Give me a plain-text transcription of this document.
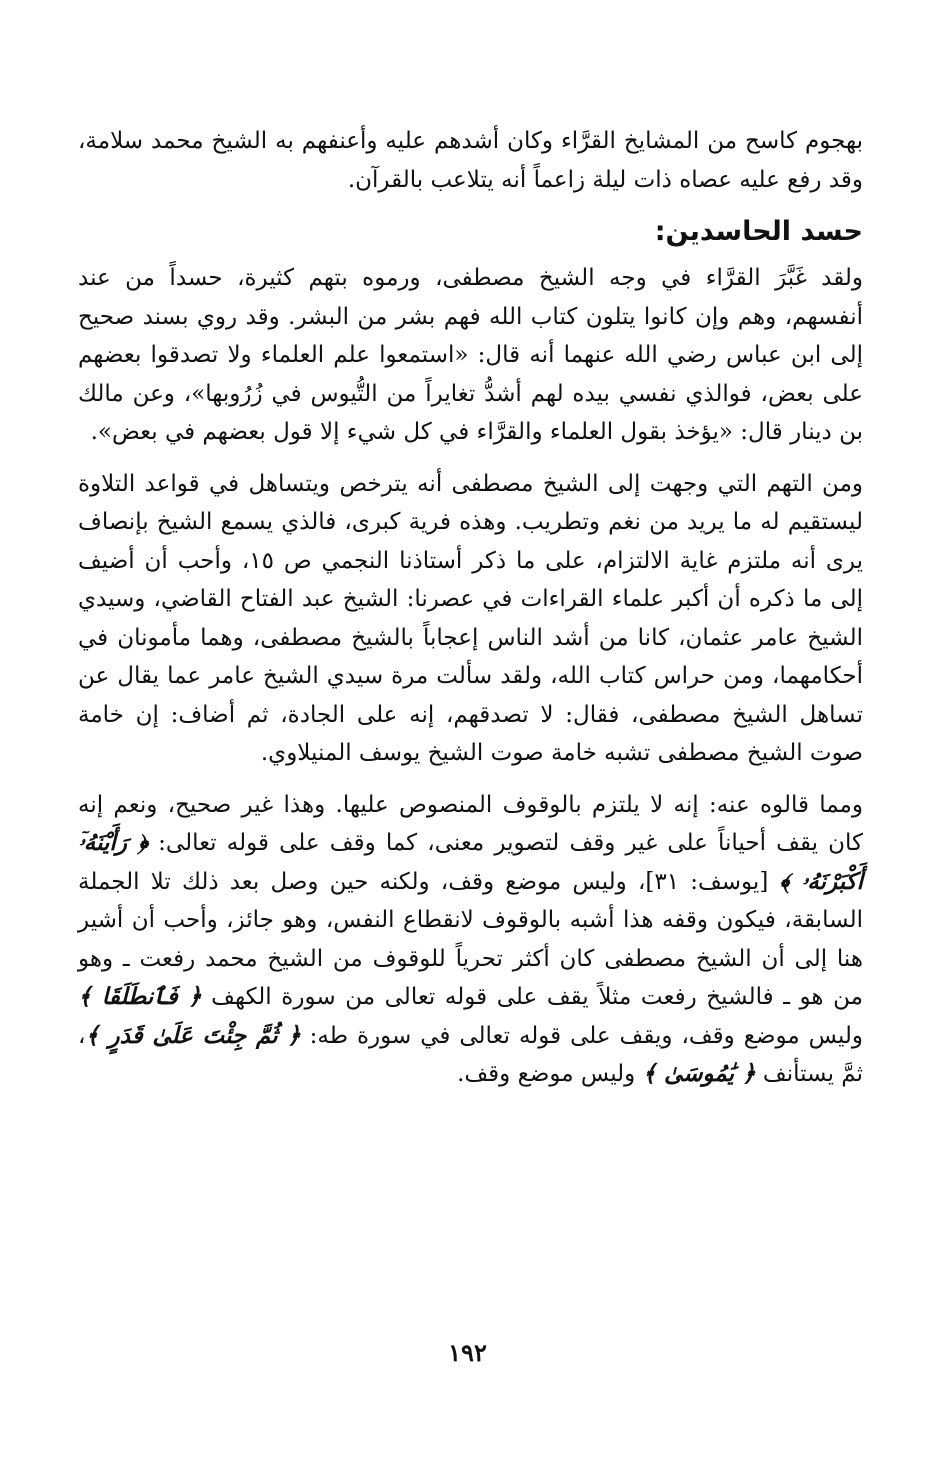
بهجوم كاسح من المشايخ القرَّاء وكان أشدهم عليه وأعنفهم به الشيخ محمد سلامة، وقد رفع عليه عصاه ذات ليلة زاعماً أنه يتلاعب بالقرآن.

حسد الحاسدين:

ولقد غَبَّرَ القرَّاء في وجه الشيخ مصطفى، ورموه بتهم كثيرة، حسداً من عند أنفسهم، وهم وإن كانوا يتلون كتاب الله فهم بشر من البشر. وقد روي بسند صحيح إلى ابن عباس رضي الله عنهما أنه قال: «استمعوا علم العلماء ولا تصدقوا بعضهم على بعض، فوالذي نفسي بيده لهم أشدُّ تغايراً من التُّيوس في زُرُوبها»، وعن مالك بن دينار قال: «يؤخذ بقول العلماء والقرَّاء في كل شيء إلا قول بعضهم في بعض».

ومن التهم التي وجهت إلى الشيخ مصطفى أنه يترخص ويتساهل في قواعد التلاوة ليستقيم له ما يريد من نغم وتطريب. وهذه فرية كبرى، فالذي يسمع الشيخ بإنصاف يرى أنه ملتزم غاية الالتزام، على ما ذكر أستاذنا النجمي ص ١٥، وأحب أن أضيف إلى ما ذكره أن أكبر علماء القراءات في عصرنا: الشيخ عبد الفتاح القاضي، وسيدي الشيخ عامر عثمان، كانا من أشد الناس إعجاباً بالشيخ مصطفى، وهما مأمونان في أحكامهما، ومن حراس كتاب الله، ولقد سألت مرة سيدي الشيخ عامر عما يقال عن تساهل الشيخ مصطفى، فقال: لا تصدقهم، إنه على الجادة، ثم أضاف: إن خامة صوت الشيخ مصطفى تشبه خامة صوت الشيخ يوسف المنيلاوي.

ومما قالوه عنه: إنه لا يلتزم بالوقوف المنصوص عليها. وهذا غير صحيح، ونعم إنه كان يقف أحياناً على غير وقف لتصوير معنى، كما وقف على قوله تعالى: ﴿ رَأَيْنَهُۥٓ أَكْبَرْنَهُۥ ﴾ [يوسف: ٣١]، وليس موضع وقف، ولكنه حين وصل بعد ذلك تلا الجملة السابقة، فيكون وقفه هذا أشبه بالوقوف لانقطاع النفس، وهو جائز، وأحب أن أشير هنا إلى أن الشيخ مصطفى كان أكثر تحرياً للوقوف من الشيخ محمد رفعت ـ وهو من هو ـ فالشيخ رفعت مثلاً يقف على قوله تعالى من سورة الكهف ﴿ فَٱنطَلَقَا ﴾ وليس موضع وقف، ويقف على قوله تعالى في سورة طه: ﴿ ثُمَّ جِئْتَ عَلَىٰ قَدَرٍ ﴾، ثمَّ يستأنف ﴿ يَٰمُوسَىٰ ﴾ وليس موضع وقف.

١٩٢
